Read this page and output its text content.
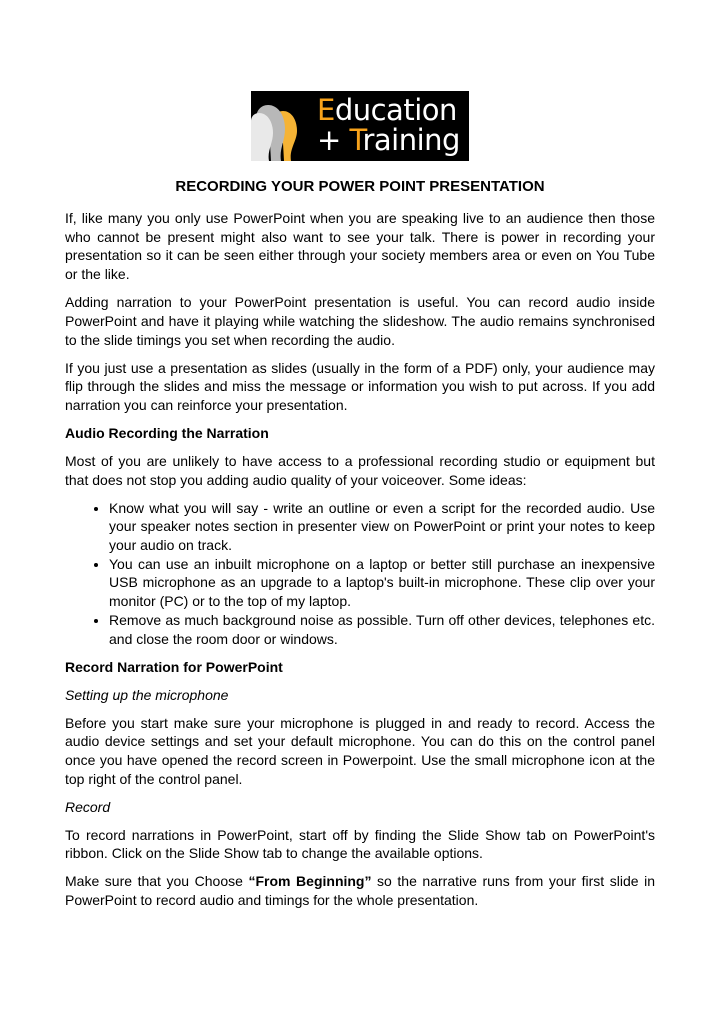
Education
+ Training
RECORDING YOUR POWER POINT PRESENTATION

If, like many you only use PowerPoint when you are speaking live to an audience then those who cannot be present might also want to see your talk. There is power in recording your presentation so it can be seen either through your society members area or even on You Tube or the like.

Adding narration to your PowerPoint presentation is useful. You can record audio inside PowerPoint and have it playing while watching the slideshow. The audio remains synchronised to the slide timings you set when recording the audio.

If you just use a presentation as slides (usually in the form of a PDF) only, your audience may flip through the slides and miss the message or information you wish to put across. If you add narration you can reinforce your presentation.

Audio Recording the Narration

Most of you are unlikely to have access to a professional recording studio or equipment but that does not stop you adding audio quality of your voiceover. Some ideas:

• Know what you will say - write an outline or even a script for the recorded audio. Use your speaker notes section in presenter view on PowerPoint or print your notes to keep your audio on track.
• You can use an inbuilt microphone on a laptop or better still purchase an inexpensive USB microphone as an upgrade to a laptop's built-in microphone. These clip over your monitor (PC) or to the top of my laptop.
• Remove as much background noise as possible. Turn off other devices, telephones etc. and close the room door or windows.
Record Narration for PowerPoint
Setting up the microphone

Before you start make sure your microphone is plugged in and ready to record. Access the audio device settings and set your default microphone. You can do this on the control panel once you have opened the record screen in Powerpoint. Use the small microphone icon at the top right of the control panel.

Record

To record narrations in PowerPoint, start off by finding the Slide Show tab on PowerPoint's ribbon. Click on the Slide Show tab to change the available options.

Make sure that you Choose “From Beginning” so the narrative runs from your first slide in PowerPoint to record audio and timings for the whole presentation.
